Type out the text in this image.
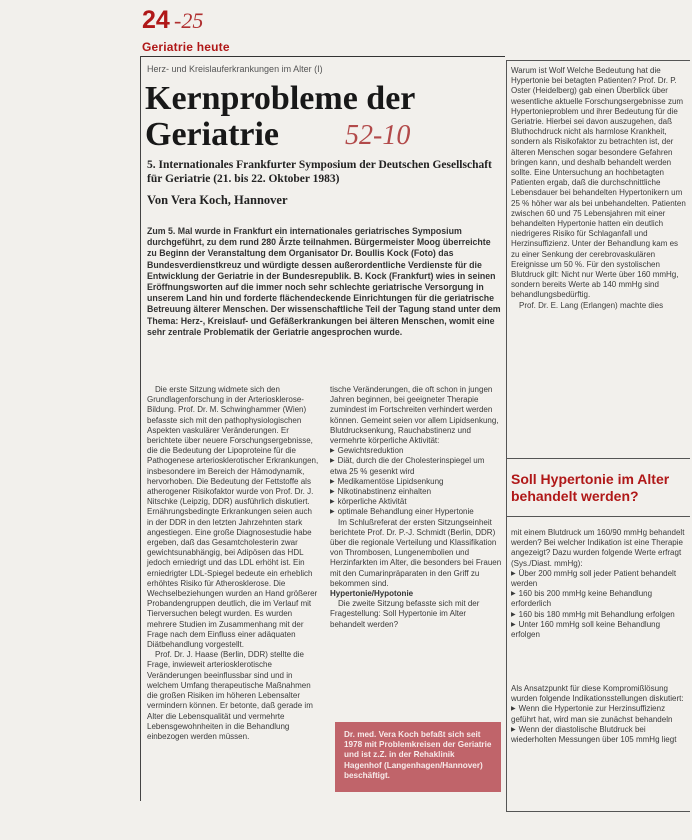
24 -25
Geriatrie heute
Herz- und Kreislauferkrankungen im Alter (I)
Kernprobleme der Geriatrie	52-10
5. Internationales Frankfurter Symposium der Deutschen Gesellschaft für Geriatrie (21. bis 22. Oktober 1983)
Von Vera Koch, Hannover

Zum 5. Mal wurde in Frankfurt ein internationales geriatrisches Symposium durchgeführt, zu dem rund 280 Ärzte teilnahmen. Bürgermeister Moog überreichte zu Beginn der Veranstaltung dem Organisator Dr. Boullis Kock (Foto) das Bundesverdienstkreuz und würdigte dessen außerordentliche Verdienste für die Entwicklung der Geriatrie in der Bundesrepublik. B. Kock (Frankfurt) wies in seinen Eröffnungsworten auf die immer noch sehr schlechte geriatrische Versorgung in unserem Land hin und forderte flächendeckende Einrichtungen für die geriatrische Betreuung älterer Menschen. Der wissenschaftliche Teil der Tagung stand unter dem Thema: Herz-, Kreislauf- und Gefäßerkrankungen bei älteren Menschen, womit eine sehr zentrale Problematik der Geriatrie angesprochen wurde.

Die erste Sitzung widmete sich den Grundlagenforschung in der Arteriosklerose-Bildung. Prof. Dr. M. Schwinghammer (Wien) befasste sich mit den pathophysiologischen Aspekten vaskulärer Veränderungen. Er berichtete über neuere Forschungsergebnisse, die die Bedeutung der Lipoproteine für die Pathogenese arteriosklerotischer Erkrankungen, insbesondere im Bereich der Hämodynamik, hervorhoben. Die Bedeutung der Fettstoffe als atherogener Risikofaktor wurde von Prof. Dr. J. Nitschke (Leipzig, DDR) ausführlich diskutiert. Ernährungsbedingte Erkrankungen seien auch in der DDR in den letzten Jahrzehnten stark angestiegen. Eine große Diagnosestudie habe ergeben, daß das Gesamtcholesterin zwar gewichtsunabhängig, bei Adipösen das HDL jedoch erniedrigt und das LDL erhöht ist. Ein erniedrigter LDL-Spiegel bedeute ein erheblich erhöhtes Risiko für Atherosklerose. Die Wechselbeziehungen wurden an Hand größerer Probandengruppen deutlich, die im Verlauf mit Tierversuchen belegt wurden. Es wurden mehrere Studien im Zusammenhang mit der Frage nach dem Einfluss einer adäquaten Diätbehandlung vorgestellt.

Prof. Dr. J. Haase (Berlin, DDR) stellte die Frage, inwieweit arteriosklerotische Veränderungen beeinflussbar sind und in welchem Umfang therapeutische Maßnahmen die großen Risiken im höheren Lebensalter vermindern können. Er betonte, daß gerade im Alter die Lebensqualität und vermehrte Lebensgewohnheiten in die Behandlung einbezogen werden müssen.

tische Veränderungen, die oft schon in jungen Jahren beginnen, bei geeigneter Therapie zumindest im Fortschreiten verhindert werden können. Gemeint seien vor allem Lipidsenkung, Blutdrucksenkung, Rauchabstinenz und vermehrte körperliche Aktivität:

▶ Gewichtsreduktion
▶ Diät, durch die der Cholesterinspiegel um etwa 25 % gesenkt wird
▶ Medikamentöse Lipidsenkung
▶ Nikotinabstinenz einhalten
▶ körperliche Aktivität
▶ optimale Behandlung einer Hypertonie

Im Schlußreferat der ersten Sitzungseinheit berichtete Prof. Dr. P.-J. Schmidt (Berlin, DDR) über die regionale Verteilung und Klassifikation von Thrombosen, Lungenembolien und Herzinfarkten im Alter, die besonders bei Frauen mit den Cumarinpräparaten in den Griff zu bekommen sind.

Hypertonie/Hypotonie

Die zweite Sitzung befasste sich mit der Fragestellung: Soll Hypertonie im Alter behandelt werden?

Dr. med. Vera Koch befaßt sich seit 1978 mit Problemkreisen der Geriatrie und ist z.Z. in der Rehaklinik Hagenhof (Langenhagen/Hannover) beschäftigt.

Warum ist Wolf Welche Bedeutung hat die Hypertonie bei betagten Patienten? Prof. Dr. P. Oster (Heidelberg) gab einen Überblick über wesentliche aktuelle Forschungsergebnisse zum Hypertonieproblem und ihrer Bedeutung für die Geriatrie. Hierbei sei davon auszugehen, daß Bluthochdruck nicht als harmlose Krankheit, sondern als Risikofaktor zu betrachten ist, der älteren Menschen sogar besondere Gefahren bringen kann, und deshalb behandelt werden sollte. Eine Untersuchung an hochbetagten Patienten ergab, daß die durchschnittliche Lebensdauer bei behandelten Hypertonikern um 25 % höher war als bei unbehandelten. Patienten zwischen 60 und 75 Lebensjahren mit einer behandelten Hypertonie hatten ein deutlich niedrigeres Risiko für Schlaganfall und Herzinsuffizienz. Unter der Behandlung kam es zu einer Senkung der cerebrovaskulären Ereignisse um 50 %. Für den systolischen Blutdruck gilt: Nicht nur Werte über 160 mmHg, sondern bereits Werte ab 140 mmHg sind behandlungsbedürftig.

Prof. Dr. E. Lang (Erlangen) machte dies

Soll Hypertonie im Alter behandelt werden?

mit einem Blutdruck um 160/90 mmHg behandelt werden? Bei welcher Indikation ist eine Therapie angezeigt? Dazu wurden folgende Werte erfragt (Sys./Diast. mmHg):

▶ Über 200 mmHg soll jeder Patient behandelt werden
▶ 160 bis 200 mmHg keine Behandlung erforderlich
▶ 160 bis 180 mmHg mit Behandlung erfolgen
▶ Unter 160 mmHg soll keine Behandlung erfolgen

Als Ansatzpunkt für diese Kompromißlösung wurden folgende Indikationsstellungen diskutiert:

▶ Wenn die Hypertonie zur Herzinsuffizienz geführt hat, wird man sie zunächst behandeln
▶ Wenn der diastolische Blutdruck bei wiederholten Messungen über 105 mmHg liegt
